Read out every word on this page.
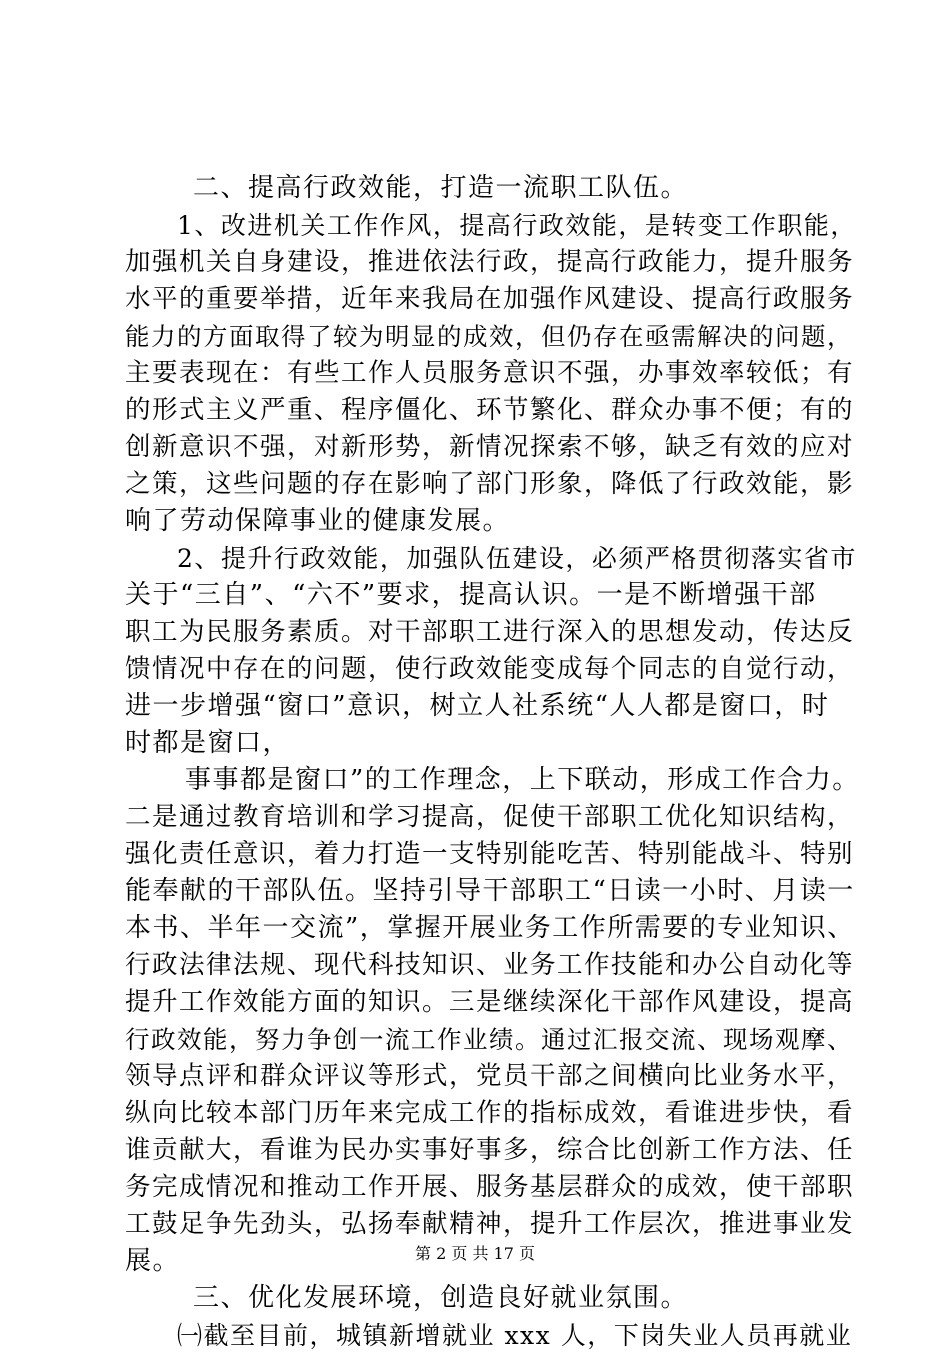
二、提高行政效能，打造一流职工队伍。
1、改进机关工作作风，提高行政效能，是转变工作职能，
加强机关自身建设，推进依法行政，提高行政能力，提升服务
水平的重要举措，近年来我局在加强作风建设、提高行政服务
能力的方面取得了较为明显的成效，但仍存在亟需解决的问题，
主要表现在：有些工作人员服务意识不强，办事效率较低；有
的形式主义严重、程序僵化、环节繁化、群众办事不便；有的
创新意识不强，对新形势，新情况探索不够，缺乏有效的应对
之策，这些问题的存在影响了部门形象，降低了行政效能，影
响了劳动保障事业的健康发展。
2、提升行政效能，加强队伍建设，必须严格贯彻落实省市
关于“三自”、“六不”要求，提高认识。一是不断增强干部
职工为民服务素质。对干部职工进行深入的思想发动，传达反
馈情况中存在的问题，使行政效能变成每个同志的自觉行动，
进一步增强“窗口”意识，树立人社系统“人人都是窗口，时
时都是窗口，
事事都是窗口”的工作理念，上下联动，形成工作合力。
二是通过教育培训和学习提高，促使干部职工优化知识结构，
强化责任意识，着力打造一支特别能吃苦、特别能战斗、特别
能奉献的干部队伍。坚持引导干部职工“日读一小时、月读一
本书、半年一交流”，掌握开展业务工作所需要的专业知识、
行政法律法规、现代科技知识、业务工作技能和办公自动化等
提升工作效能方面的知识。三是继续深化干部作风建设，提高
行政效能，努力争创一流工作业绩。通过汇报交流、现场观摩、
领导点评和群众评议等形式，党员干部之间横向比业务水平，
纵向比较本部门历年来完成工作的指标成效，看谁进步快，看
谁贡献大，看谁为民办实事好事多，综合比创新工作方法、任
务完成情况和推动工作开展、服务基层群众的成效，使干部职
工鼓足争先劲头，弘扬奉献精神，提升工作层次，推进事业发
展。
三、优化发展环境，创造良好就业氛围。
㈠截至目前，城镇新增就业 xxx 人，下岗失业人员再就业
第 2 页 共 17 页
